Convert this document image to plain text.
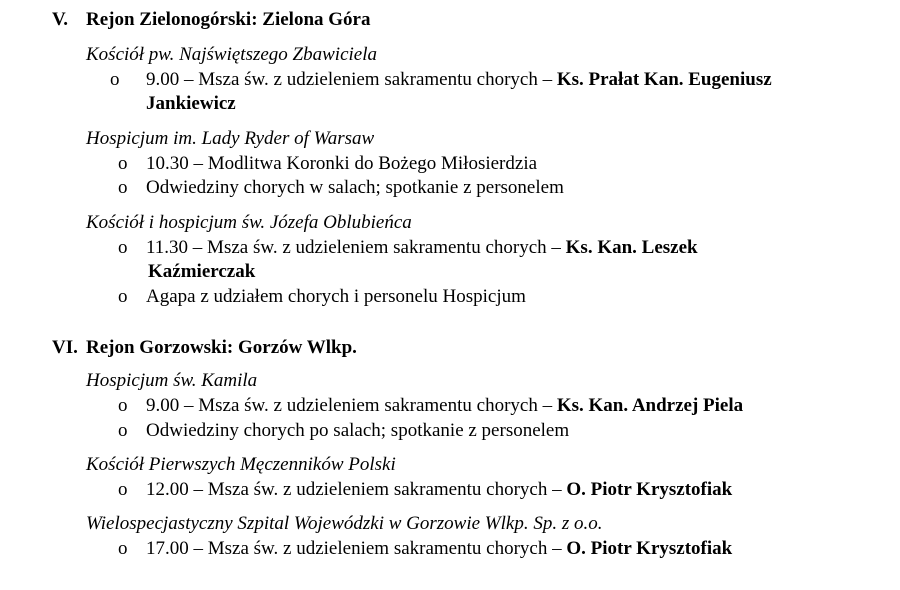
V. Rejon Zielonogórski: Zielona Góra
Kościół pw. Najświętszego Zbawiciela
o 9.00 – Msza św. z udzieleniem sakramentu chorych – Ks. Prałat Kan. Eugeniusz
Jankiewicz
Hospicjum im. Lady Ryder of Warsaw
o 10.30 – Modlitwa Koronki do Bożego Miłosierdzia
o Odwiedziny chorych w salach; spotkanie z personelem
Kościół i hospicjum św. Józefa Oblubieńca
o 11.30 – Msza św. z udzieleniem sakramentu chorych – Ks. Kan. Leszek
Kaźmierczak
o Agapa z udziałem chorych i personelu Hospicjum
VI. Rejon Gorzowski: Gorzów Wlkp.
Hospicjum św. Kamila
o 9.00 – Msza św. z udzieleniem sakramentu chorych – Ks. Kan. Andrzej Piela
o Odwiedziny chorych po salach; spotkanie z personelem
Kościół Pierwszych Męczenników Polski
o 12.00 – Msza św. z udzieleniem sakramentu chorych – O. Piotr Krysztofiak
Wielospecjastyczny Szpital Wojewódzki w Gorzowie Wlkp. Sp. z o.o.
o 17.00 – Msza św. z udzieleniem sakramentu chorych – O. Piotr Krysztofiak
